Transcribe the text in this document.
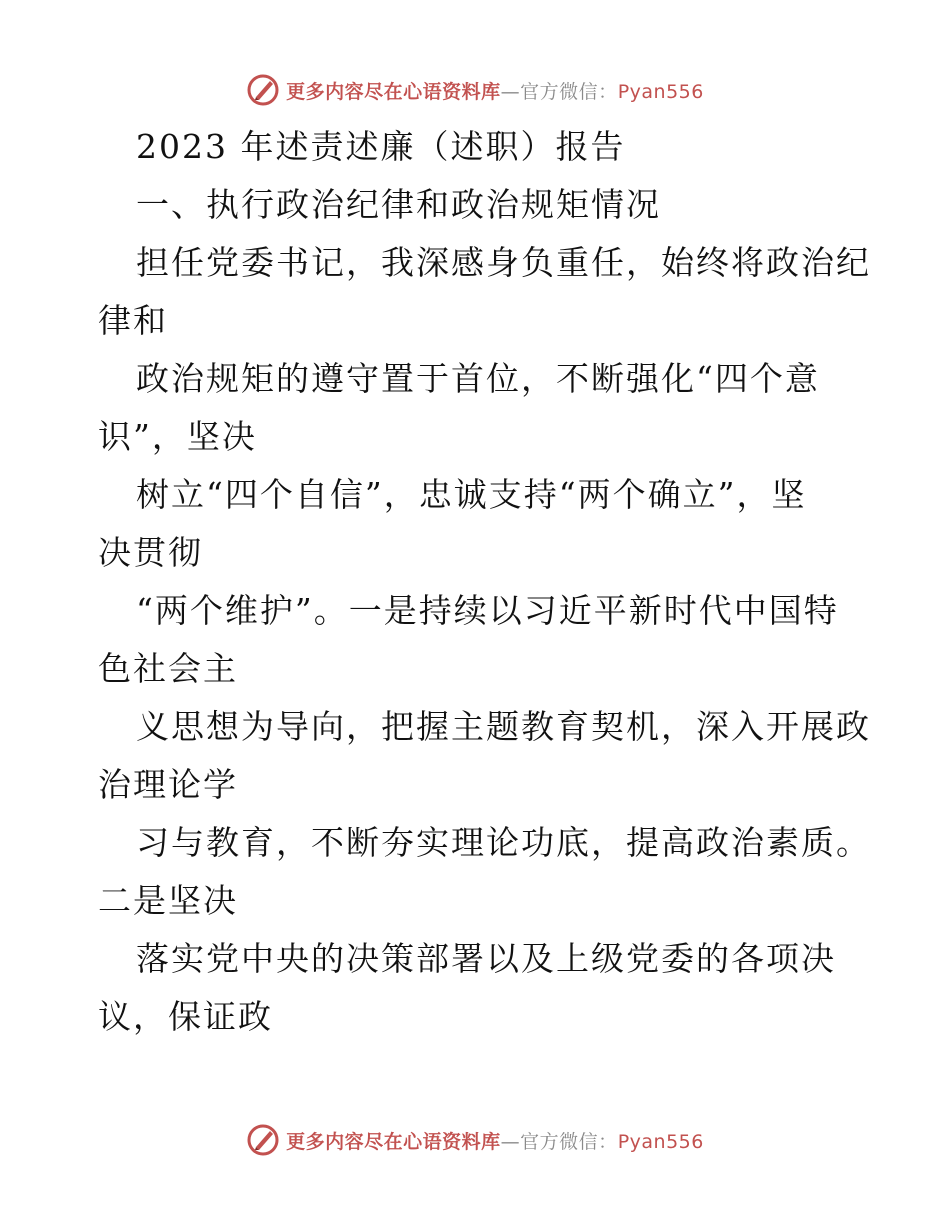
更多内容尽在心语资料库—官方微信：Pyan556
2023 年述责述廉（述职）报告
一、执行政治纪律和政治规矩情况
担任党委书记，我深感身负重任，始终将政治纪
律和
政治规矩的遵守置于首位，不断强化“四个意
识”，坚决
树立“四个自信”，忠诚支持“两个确立”，坚
决贯彻
“两个维护”。一是持续以习近平新时代中国特
色社会主
义思想为导向，把握主题教育契机，深入开展政
治理论学
习与教育，不断夯实理论功底，提高政治素质。
二是坚决
落实党中央的决策部署以及上级党委的各项决
议，保证政
更多内容尽在心语资料库—官方微信：Pyan556
